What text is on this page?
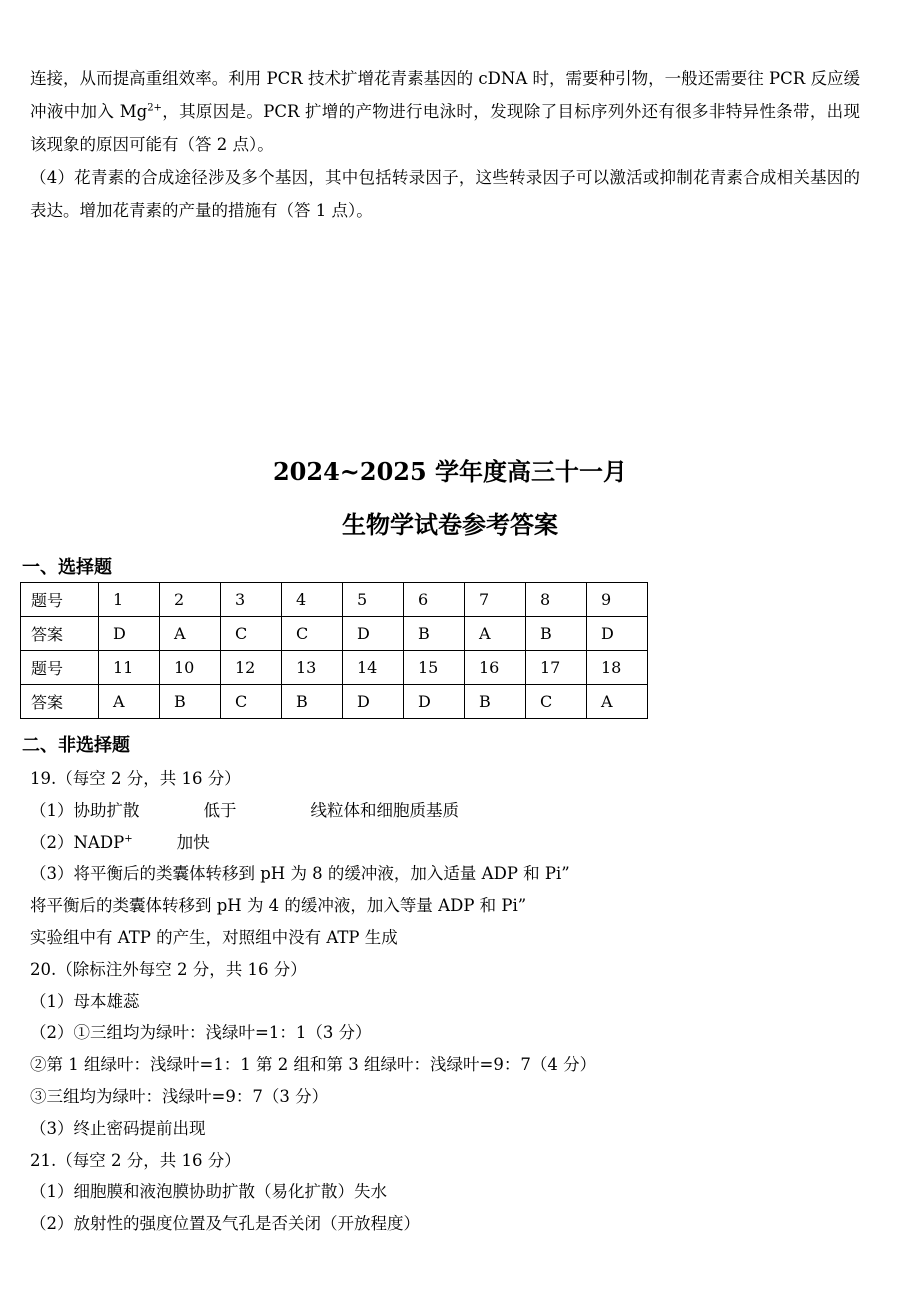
连接，从而提高重组效率。利用 PCR 技术扩增花青素基因的 cDNA 时，需要种引物，一般还需要往 PCR 反应缓冲液中加入 $Mg^{2+}$，其原因是。PCR 扩增的产物进行电泳时，发现除了目标序列外还有很多非特异性条带，出现该现象的原因可能有（答 2 点）。

（4）花青素的合成途径涉及多个基因，其中包括转录因子，这些转录因子可以激活或抑制花青素合成相关基因的表达。增加花青素的产量的措施有（答 1 点）。

2024~2025 学年度高三十一月
生物学试卷参考答案
一、选择题
题号	1	2	3	4	5	6	7	8	9
答案	D	A	C	C	D	B	A	B	D
题号	11	10	12	13	14	15	16	17	18
答案	A	B	C	B	D	D	B	C	A
二、非选择题
19.（每空 2 分，共 16 分）
（1）协助扩散	低于	线粒体和细胞质基质
（2）NADP+	加快
（3）将平衡后的类囊体转移到 pH 为 8 的缓冲液，加入适量 ADP 和 Pi”
将平衡后的类囊体转移到 pH 为 4 的缓冲液，加入等量 ADP 和 Pi”
实验组中有 ATP 的产生，对照组中没有 ATP 生成
20.（除标注外每空 2 分，共 16 分）
（1）母本雄蕊
（2）①三组均为绿叶：浅绿叶=1：1（3 分）
②第 1 组绿叶：浅绿叶=1：1 第 2 组和第 3 组绿叶：浅绿叶=9：7（4 分）
③三组均为绿叶：浅绿叶=9：7（3 分）
（3）终止密码提前出现
21.（每空 2 分，共 16 分）
（1）细胞膜和液泡膜协助扩散（易化扩散）失水
（2）放射性的强度位置及气孔是否关闭（开放程度）
